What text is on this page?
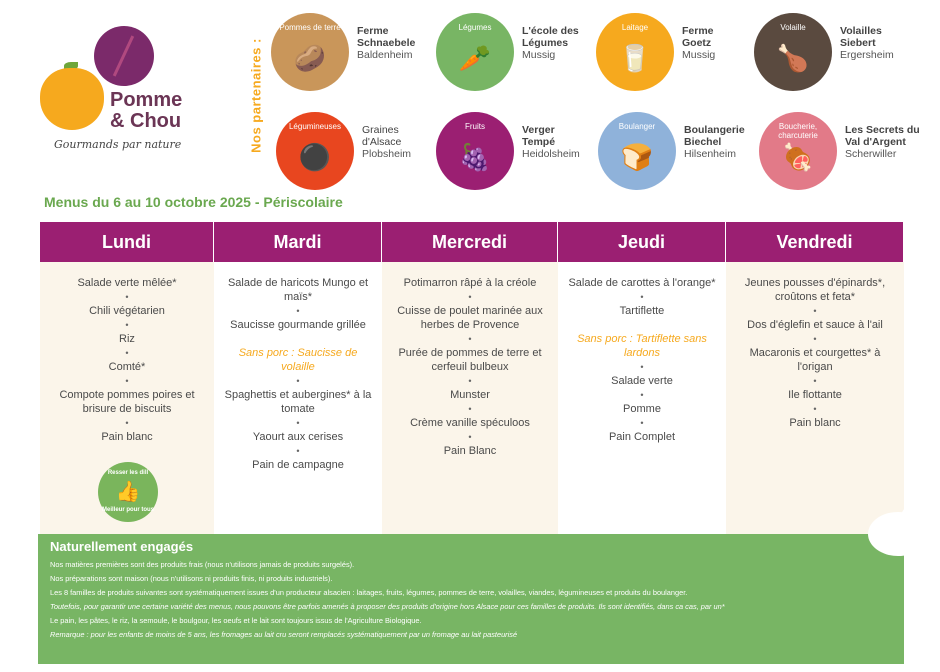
Pomme
& Chou
Gourmands par nature	Nos partenaires :
Pommes de terre
🥔
Ferme
Schnaebele
Baldenheim
Légumes
🥕
L'école des
Légumes
Mussig
Laitage
🥛
Ferme
Goetz
Mussig
Volaille
🍗
Volailles
Siebert
Ergersheim
Légumineuses
⚫
Graines
d'Alsace
Plobsheim
Fruits
🍇
Verger
Tempé
Heidolsheim
Boulanger
🍞
Boulangerie
Biechel
Hilsenheim
Boucherie, charcuterie
🍖
Les Secrets du
Val d'Argent
Scherwiller
Menus du 6 au 10 octobre 2025 - Périscolaire
Lundi
Salade verte mêlée*
•
Chili végétarien
•
Riz
•
Comté*
•
Compote pommes poires et brisure de biscuits
•
Pain blanc
Resser les dill
👍
Meilleur pour tous
Mardi
Salade de haricots Mungo et maïs*
•
Saucisse gourmande grillée
Sans porc : Saucisse de volaille
•
Spaghettis et aubergines* à la tomate
•
Yaourt aux cerises
•
Pain de campagne
Mercredi
Potimarron râpé à la créole
•
Cuisse de poulet marinée aux herbes de Provence
•
Purée de pommes de terre et cerfeuil bulbeux
•
Munster
•
Crème vanille spéculoos
•
Pain Blanc
Jeudi
Salade de carottes à l'orange*
•
Tartiflette
Sans porc : Tartiflette sans lardons
•
Salade verte
•
Pomme
•
Pain Complet
Vendredi
Jeunes pousses d'épinards*, croûtons et feta*
•
Dos d'églefin et sauce à l'ail
•
Macaronis et courgettes* à l'origan
•
Ile flottante
•
Pain blanc
Naturellement engagés

Nos matières premières sont des produits frais (nous n'utilisons jamais de produits surgelés).

Nos préparations sont maison (nous n'utilisons ni produits finis, ni produits industriels).

Les 8 familles de produits suivantes sont systématiquement issues d'un producteur alsacien : laitages, fruits, légumes, pommes de terre, volailles, viandes, légumineuses et produits du boulanger.

Toutefois, pour garantir une certaine variété des menus, nous pouvons être parfois amenés à proposer des produits d'origine hors Alsace pour ces familles de produits. Ils sont identifiés, dans ca cas, par un*

Le pain, les pâtes, le riz, la semoule, le boulgour, les oeufs et le lait sont toujours issus de l'Agriculture Biologique.

Remarque : pour les enfants de moins de 5 ans, les fromages au lait cru seront remplacés systématiquement par un fromage au lait pasteurisé
